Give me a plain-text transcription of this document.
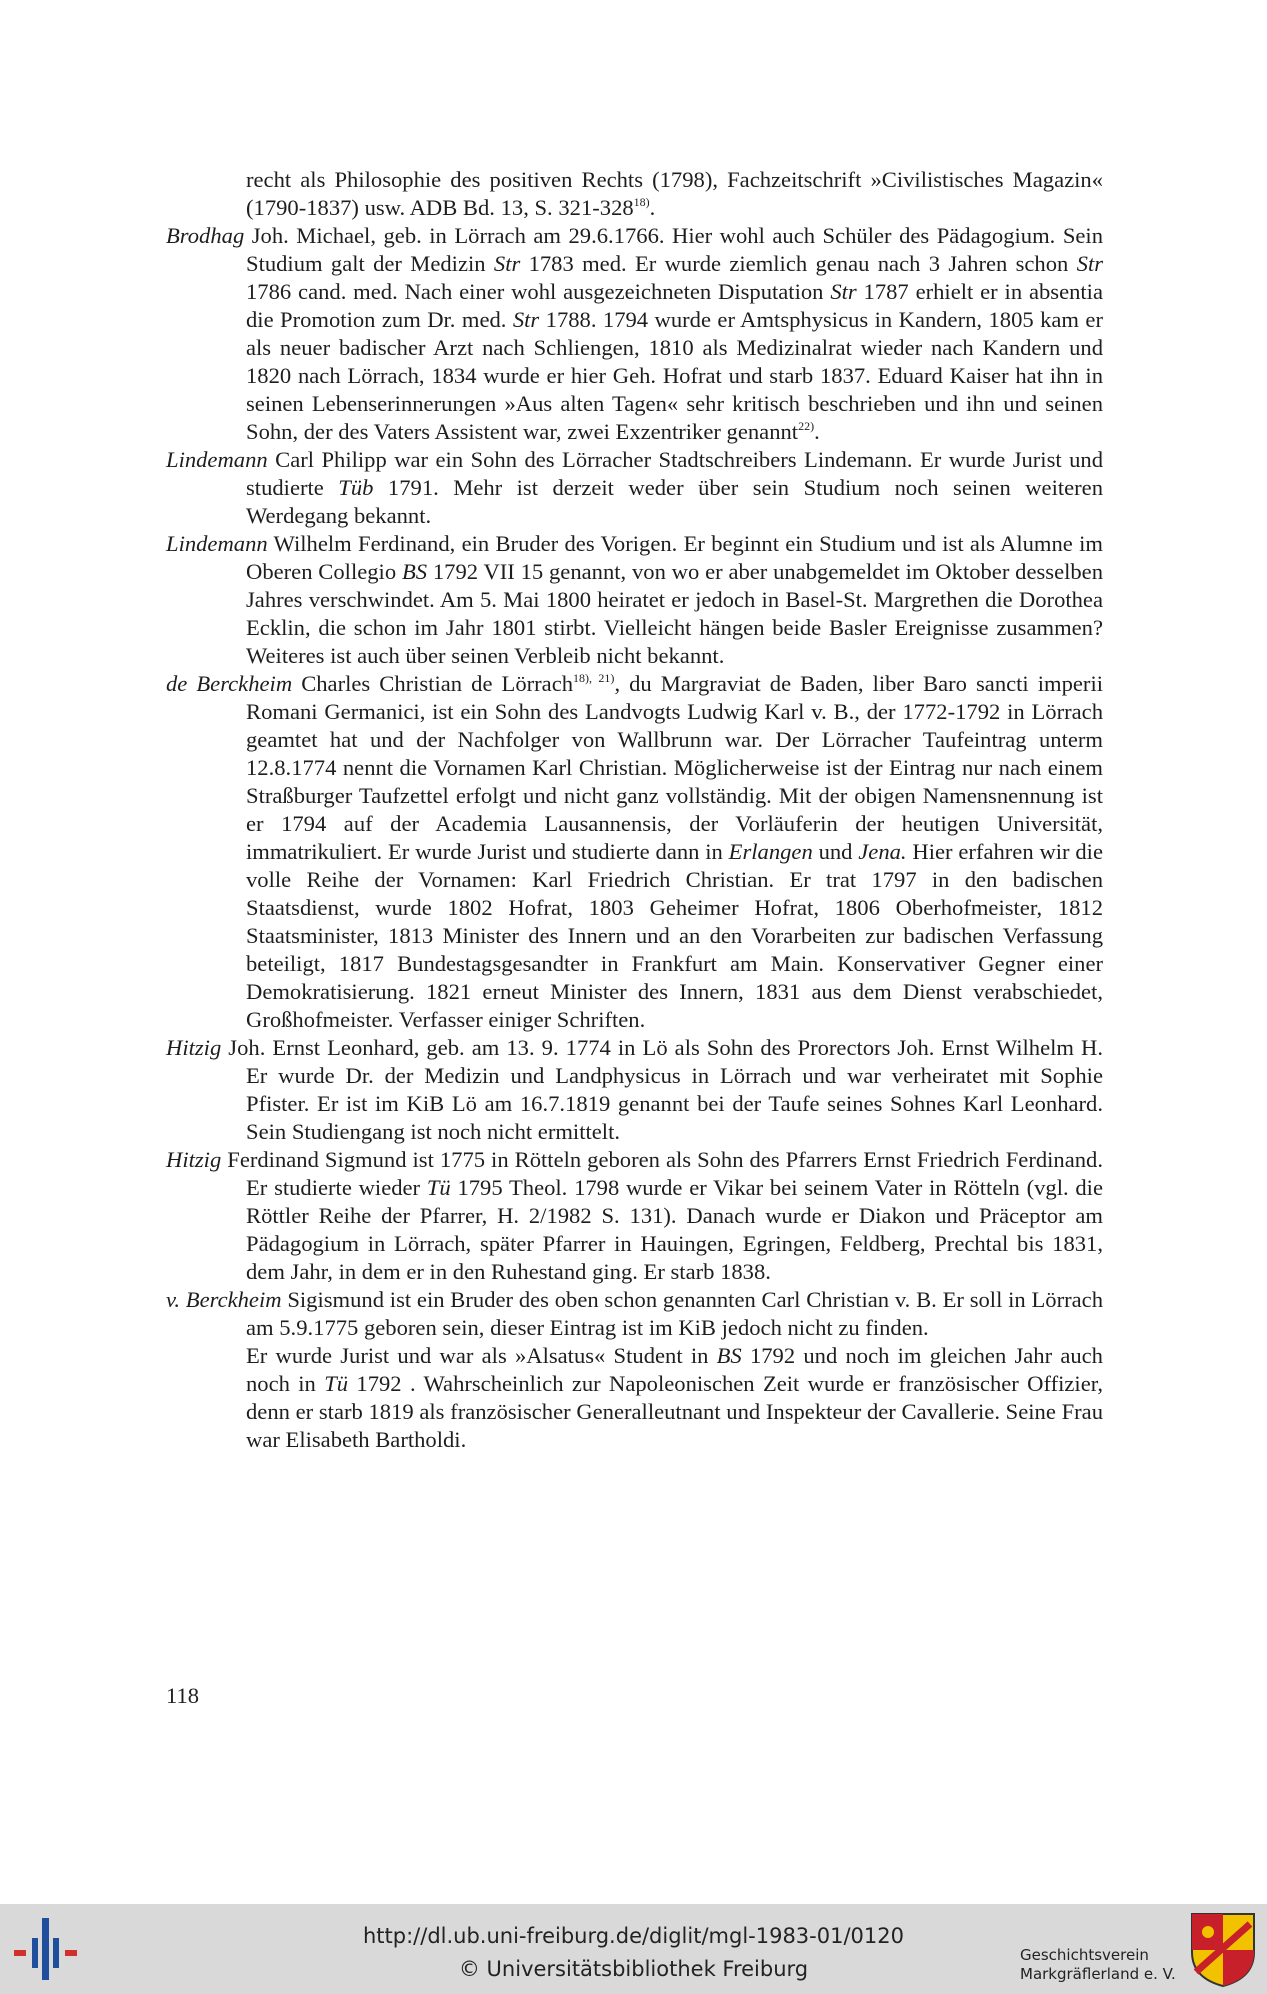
recht als Philosophie des positiven Rechts (1798), Fachzeitschrift »Civilistisches Magazin« (1790-1837) usw. ADB Bd. 13, S. 321-328$^{18)}$.

Brodhag Joh. Michael, geb. in Lörrach am 29.6.1766. Hier wohl auch Schüler des Pädagogium. Sein Studium galt der Medizin Str 1783 med. Er wurde ziemlich genau nach 3 Jahren schon Str 1786 cand. med. Nach einer wohl ausgezeichneten Disputation Str 1787 erhielt er in absentia die Promotion zum Dr. med. Str 1788. 1794 wurde er Amtsphysicus in Kandern, 1805 kam er als neuer badischer Arzt nach Schliengen, 1810 als Medizinalrat wieder nach Kandern und 1820 nach Lörrach, 1834 wurde er hier Geh. Hofrat und starb 1837. Eduard Kaiser hat ihn in seinen Lebenserinnerungen »Aus alten Tagen« sehr kritisch beschrieben und ihn und seinen Sohn, der des Vaters Assistent war, zwei Exzentriker genannt$^{22)}$.

Lindemann Carl Philipp war ein Sohn des Lörracher Stadtschreibers Lindemann. Er wurde Jurist und studierte Tüb 1791. Mehr ist derzeit weder über sein Studium noch seinen weiteren Werdegang bekannt.

Lindemann Wilhelm Ferdinand, ein Bruder des Vorigen. Er beginnt ein Studium und ist als Alumne im Oberen Collegio BS 1792 VII 15 genannt, von wo er aber unabgemeldet im Oktober desselben Jahres verschwindet. Am 5. Mai 1800 heiratet er jedoch in Basel-St. Margrethen die Dorothea Ecklin, die schon im Jahr 1801 stirbt. Vielleicht hängen beide Basler Ereignisse zusammen? Weiteres ist auch über seinen Verbleib nicht bekannt.

de Berckheim Charles Christian de Lörrach$^{18), 21)}$, du Margraviat de Baden, liber Baro sancti imperii Romani Germanici, ist ein Sohn des Landvogts Ludwig Karl v. B., der 1772-1792 in Lörrach geamtet hat und der Nachfolger von Wallbrunn war. Der Lörracher Taufeintrag unterm 12.8.1774 nennt die Vornamen Karl Christian. Möglicherweise ist der Eintrag nur nach einem Straßburger Taufzettel erfolgt und nicht ganz vollständig. Mit der obigen Namensnennung ist er 1794 auf der Academia Lausannensis, der Vorläuferin der heutigen Universität, immatrikuliert. Er wurde Jurist und studierte dann in Erlangen und Jena. Hier erfahren wir die volle Reihe der Vornamen: Karl Friedrich Christian. Er trat 1797 in den badischen Staatsdienst, wurde 1802 Hofrat, 1803 Geheimer Hofrat, 1806 Oberhofmeister, 1812 Staatsminister, 1813 Minister des Innern und an den Vorarbeiten zur badischen Verfassung beteiligt, 1817 Bundestagsgesandter in Frankfurt am Main. Konservativer Gegner einer Demokratisierung. 1821 erneut Minister des Innern, 1831 aus dem Dienst verabschiedet, Großhofmeister. Verfasser einiger Schriften.

Hitzig Joh. Ernst Leonhard, geb. am 13. 9. 1774 in Lö als Sohn des Prorectors Joh. Ernst Wilhelm H. Er wurde Dr. der Medizin und Landphysicus in Lörrach und war verheiratet mit Sophie Pfister. Er ist im KiB Lö am 16.7.1819 genannt bei der Taufe seines Sohnes Karl Leonhard. Sein Studiengang ist noch nicht ermittelt.

Hitzig Ferdinand Sigmund ist 1775 in Rötteln geboren als Sohn des Pfarrers Ernst Friedrich Ferdinand. Er studierte wieder Tü 1795 Theol. 1798 wurde er Vikar bei seinem Vater in Rötteln (vgl. die Röttler Reihe der Pfarrer, H. 2/1982 S. 131). Danach wurde er Diakon und Präceptor am Pädagogium in Lörrach, später Pfarrer in Hauingen, Egringen, Feldberg, Prechtal bis 1831, dem Jahr, in dem er in den Ruhestand ging. Er starb 1838.

v. Berckheim Sigismund ist ein Bruder des oben schon genannten Carl Christian v. B. Er soll in Lörrach am 5.9.1775 geboren sein, dieser Eintrag ist im KiB jedoch nicht zu finden.

Er wurde Jurist und war als »Alsatus« Student in BS 1792 und noch im gleichen Jahr auch noch in Tü 1792 . Wahrscheinlich zur Napoleonischen Zeit wurde er französischer Offizier, denn er starb 1819 als französischer Generalleutnant und Inspekteur der Cavallerie. Seine Frau war Elisabeth Bartholdi.

118
http://dl.ub.uni-freiburg.de/diglit/mgl-1983-01/0120
© Universitätsbibliothek Freiburg
Geschichtsverein
Markgräflerland e. V.
